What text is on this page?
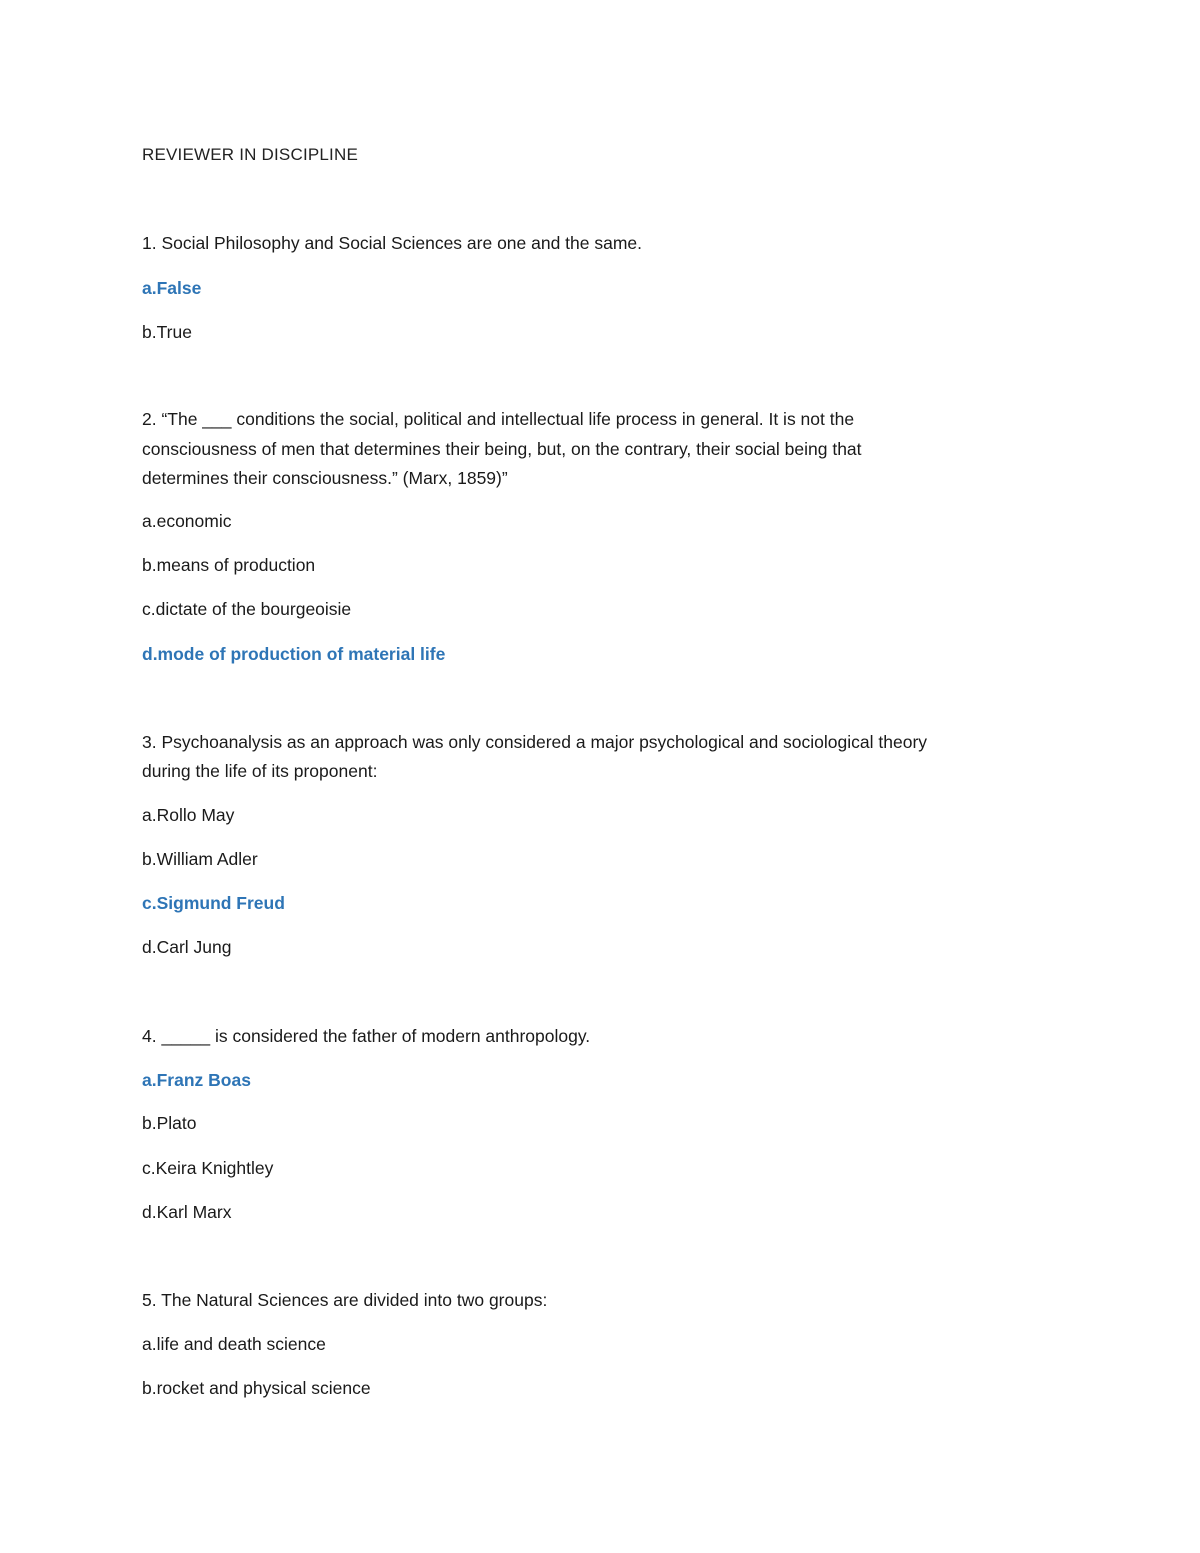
REVIEWER IN DISCIPLINE
1. Social Philosophy and Social Sciences are one and the same.
a.False
b.True
2. “The ___ conditions the social, political and intellectual life process in general. It is not the
consciousness of men that determines their being, but, on the contrary, their social being that
determines their consciousness.” (Marx, 1859)”
a.economic
b.means of production
c.dictate of the bourgeoisie
d.mode of production of material life
3. Psychoanalysis as an approach was only considered a major psychological and sociological theory
during the life of its proponent:
a.Rollo May
b.William Adler
c.Sigmund Freud
d.Carl Jung
4. _____ is considered the father of modern anthropology.
a.Franz Boas
b.Plato
c.Keira Knightley
d.Karl Marx
5. The Natural Sciences are divided into two groups:
a.life and death science
b.rocket and physical science
